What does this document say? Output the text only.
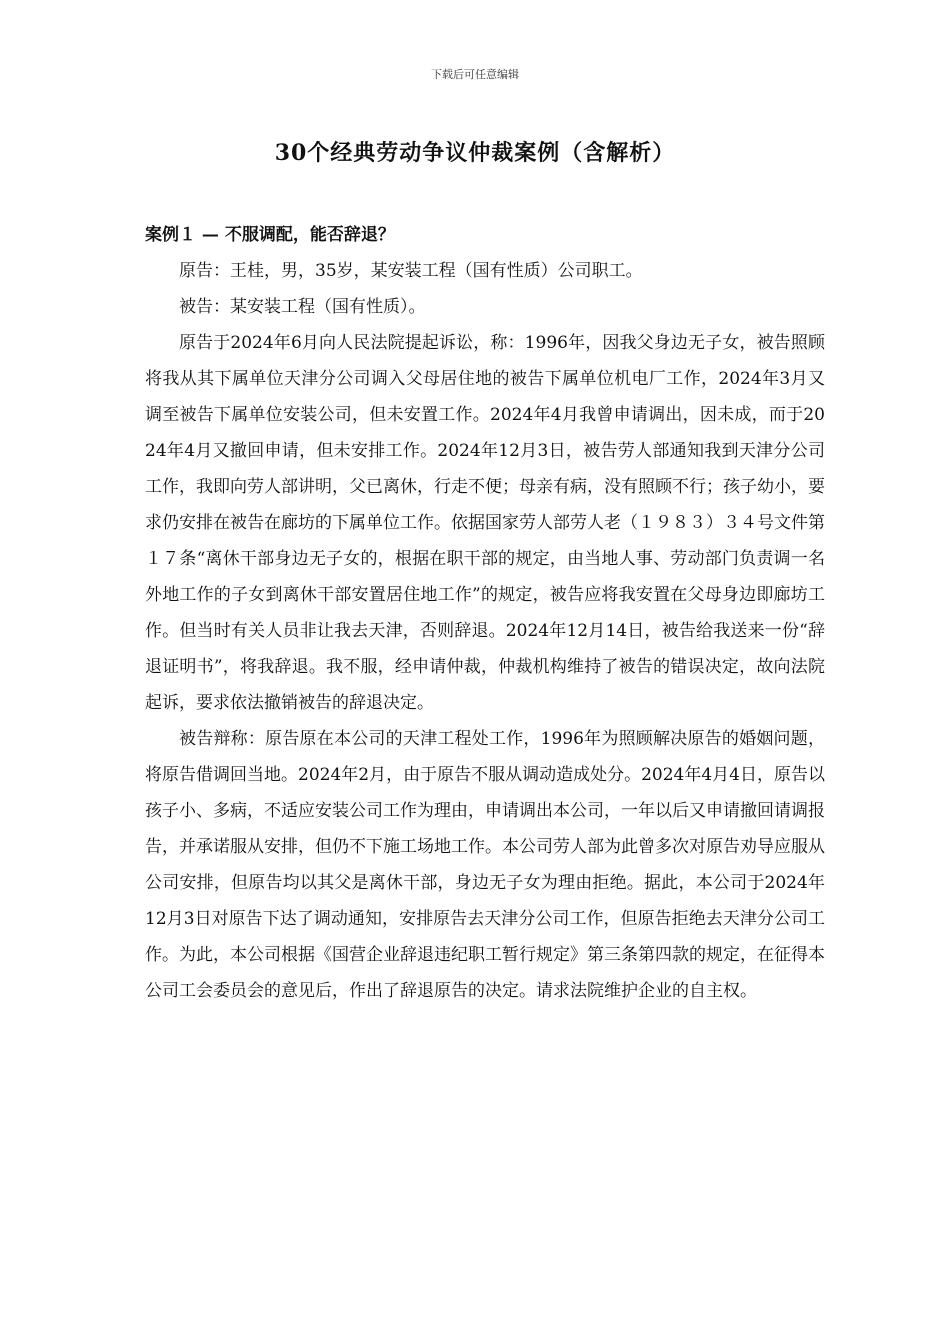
下载后可任意编辑
30个经典劳动争议仲裁案例（含解析）

案例１ — 不服调配，能否辞退？

原告：王桂，男，35岁，某安装工程（国有性质）公司职工。

被告：某安装工程（国有性质）。

原告于2024年6月向人民法院提起诉讼，称：1996年，因我父身边无子女，被告照顾将我从其下属单位天津分公司调入父母居住地的被告下属单位机电厂工作，2024年3月又调至被告下属单位安装公司，但未安置工作。2024年4月我曾申请调出，因未成，而于2024年4月又撤回申请，但未安排工作。2024年12月3日，被告劳人部通知我到天津分公司工作，我即向劳人部讲明，父已离休，行走不便；母亲有病，没有照顾不行；孩子幼小，要求仍安排在被告在廊坊的下属单位工作。依据国家劳人部劳人老（１９８３）３４号文件第１７条“离休干部身边无子女的，根据在职干部的规定，由当地人事、劳动部门负责调一名外地工作的子女到离休干部安置居住地工作”的规定，被告应将我安置在父母身边即廊坊工作。但当时有关人员非让我去天津，否则辞退。2024年12月14日，被告给我送来一份“辞退证明书”，将我辞退。我不服，经申请仲裁，仲裁机构维持了被告的错误决定，故向法院起诉，要求依法撤销被告的辞退决定。

被告辩称：原告原在本公司的天津工程处工作，1996年为照顾解决原告的婚姻问题，将原告借调回当地。2024年2月，由于原告不服从调动造成处分。2024年4月4日，原告以孩子小、多病，不适应安装公司工作为理由，申请调出本公司，一年以后又申请撤回请调报告，并承诺服从安排，但仍不下施工场地工作。本公司劳人部为此曾多次对原告劝导应服从公司安排，但原告均以其父是离休干部，身边无子女为理由拒绝。据此，本公司于2024年12月3日对原告下达了调动通知，安排原告去天津分公司工作，但原告拒绝去天津分公司工作。为此，本公司根据《国营企业辞退违纪职工暂行规定》第三条第四款的规定，在征得本公司工会委员会的意见后，作出了辞退原告的决定。请求法院维护企业的自主权。
